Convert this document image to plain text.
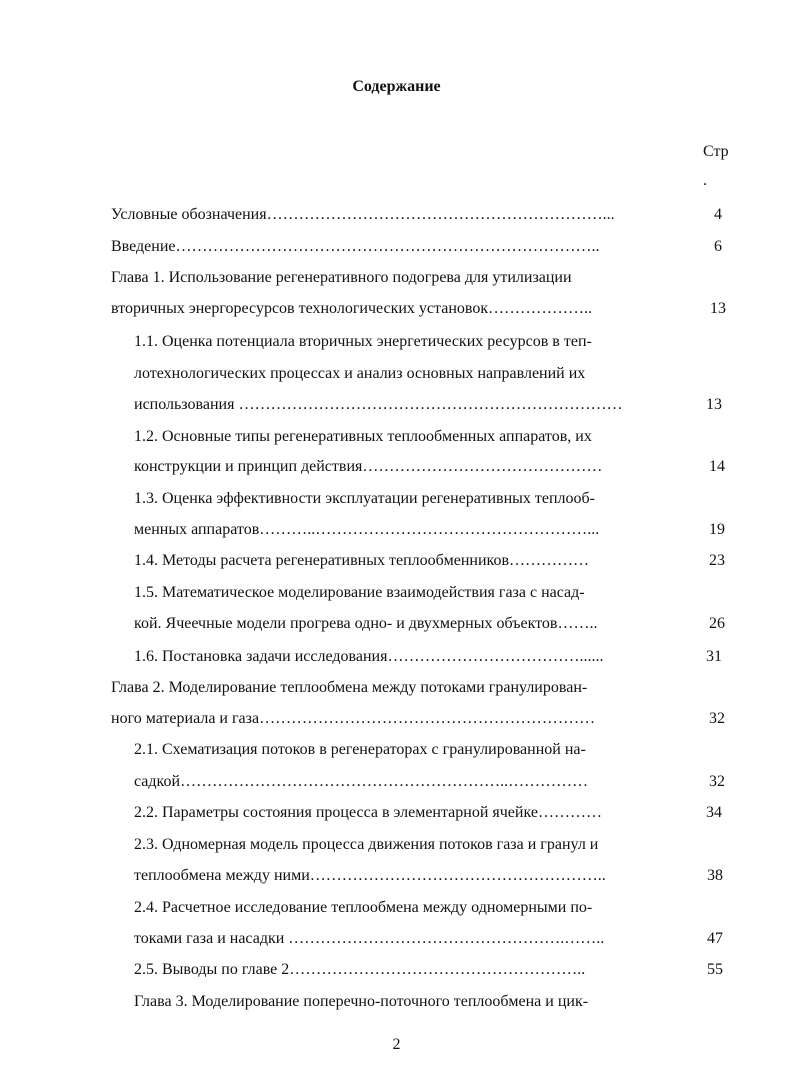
Содержание
Стр
.
Условные обозначения………………………………………………………...	4
Введение……………………………………………………………………..	6
Глава 1. Использование регенеративного подогрева для утилизации
вторичных энергоресурсов технологических установок………………..	13
1.1. Оценка потенциала вторичных энергетических ресурсов в теп-
лотехнологических процессах и анализ основных направлений их
использования ………………………………………………………………	13
1.2. Основные типы регенеративных теплообменных аппаратов, их
конструкции и принцип действия………………………………………	14
1.3. Оценка эффективности эксплуатации регенеративных теплооб-
менных аппаратов………..……………………………………………...	19
1.4. Методы расчета регенеративных теплообменников……………	23
1.5. Математическое моделирование взаимодействия газа с насад-
кой. Ячеечные модели прогрева одно- и двухмерных объектов……..	26
1.6. Постановка задачи исследования………………………………......	31
Глава 2. Моделирование теплообмена между потоками гранулирован-
ного материала и газа………………………………………………………	32
2.1. Схематизация потоков в регенераторах с гранулированной на-
садкой……………………………………………………..……………	32
2.2. Параметры состояния процесса в элементарной ячейке…………	34
2.3. Одномерная модель процесса движения потоков газа и гранул и
теплообмена между ними………………………………………………..	38
2.4. Расчетное исследование теплообмена между одномерными по-
токами газа и насадки …………………………………………….……..	47
2.5. Выводы по главе 2………………………………………………..	55
Глава 3. Моделирование поперечно-поточного теплообмена и цик-
2
